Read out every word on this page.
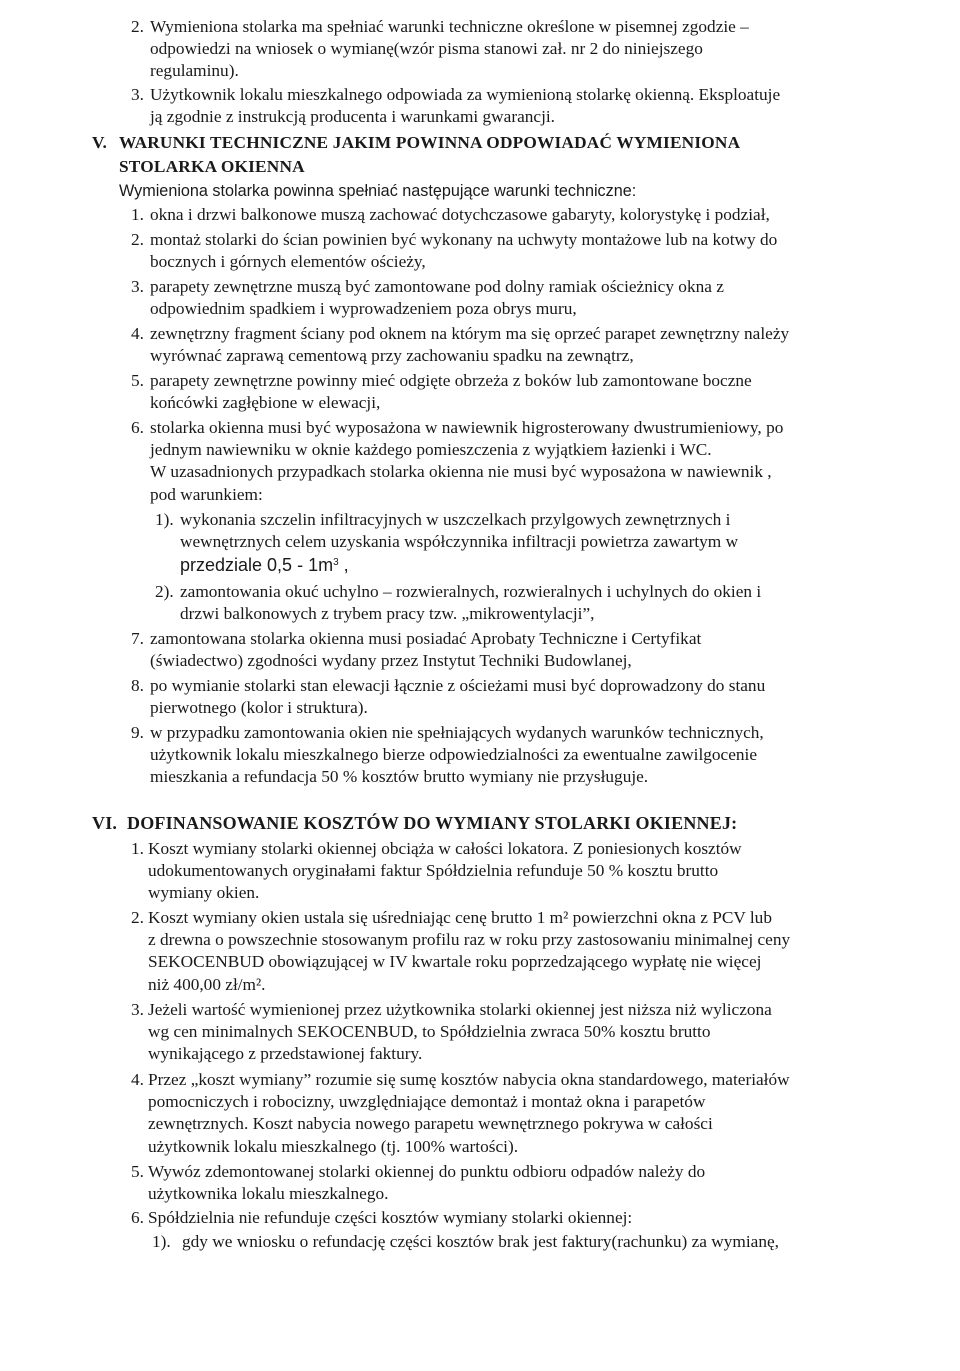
2. Wymieniona stolarka ma spełniać warunki techniczne określone w pisemnej zgodzie –
odpowiedzi na wniosek o wymianę(wzór pisma stanowi zał. nr 2 do niniejszego
regulaminu).
3. Użytkownik lokalu mieszkalnego odpowiada za wymienioną stolarkę okienną. Eksploatuje
ją zgodnie z instrukcją producenta i warunkami gwarancji.
V. WARUNKI TECHNICZNE JAKIM POWINNA ODPOWIADAĆ WYMIENIONA
STOLARKA OKIENNA
Wymieniona stolarka powinna spełniać następujące warunki techniczne:
1. okna i drzwi balkonowe muszą zachować dotychczasowe gabaryty, kolorystykę i podział,
2. montaż stolarki do ścian powinien być wykonany na uchwyty montażowe lub na kotwy do
bocznych i górnych elementów ościeży,
3. parapety zewnętrzne muszą być zamontowane pod dolny ramiak ościeżnicy okna z
odpowiednim spadkiem i wyprowadzeniem poza obrys muru,
4. zewnętrzny fragment ściany pod oknem na którym ma się oprzeć parapet zewnętrzny należy
wyrównać zaprawą cementową przy zachowaniu spadku na zewnątrz,
5. parapety zewnętrzne powinny mieć odgięte obrzeża z boków lub zamontowane boczne
końcówki zagłębione w elewacji,
6. stolarka okienna musi być wyposażona w nawiewnik higrosterowany dwustrumieniowy, po
jednym nawiewniku w oknie każdego pomieszczenia z wyjątkiem łazienki i WC.
W uzasadnionych przypadkach stolarka okienna nie musi być wyposażona w nawiewnik ,
pod warunkiem:
1). wykonania szczelin infiltracyjnych w uszczelkach przylgowych zewnętrznych i
wewnętrznych celem uzyskania współczynnika infiltracji powietrza zawartym w
przedziale $0,5 - 1m^3$ ,
2). zamontowania okuć uchylno – rozwieralnych, rozwieralnych i uchylnych do okien i
drzwi balkonowych z trybem pracy tzw. „mikrowentylacji”,
7. zamontowana stolarka okienna musi posiadać Aprobaty Techniczne i Certyfikat
(świadectwo) zgodności wydany przez Instytut Techniki Budowlanej,
8. po wymianie stolarki stan elewacji łącznie z ościeżami musi być doprowadzony do stanu
pierwotnego (kolor i struktura).
9. w przypadku zamontowania okien nie spełniających wydanych warunków technicznych,
użytkownik lokalu mieszkalnego bierze odpowiedzialności za ewentualne zawilgocenie
mieszkania a refundacja 50 % kosztów brutto wymiany nie przysługuje.
VI. DOFINANSOWANIE KOSZTÓW DO WYMIANY STOLARKI OKIENNEJ:
1. Koszt wymiany stolarki okiennej obciąża w całości lokatora. Z poniesionych kosztów
udokumentowanych oryginałami faktur Spółdzielnia refunduje 50 % kosztu brutto
wymiany okien.
2. Koszt wymiany okien ustala się uśredniając cenę brutto 1 m² powierzchni okna z PCV lub
z drewna o powszechnie stosowanym profilu raz w roku przy zastosowaniu minimalnej ceny
SEKOCENBUD obowiązującej w IV kwartale roku poprzedzającego wypłatę nie więcej
niż 400,00 zł/m².
3. Jeżeli wartość wymienionej przez użytkownika stolarki okiennej jest niższa niż wyliczona
wg cen minimalnych SEKOCENBUD, to Spółdzielnia zwraca 50% kosztu brutto
wynikającego z przedstawionej faktury.
4. Przez „koszt wymiany” rozumie się sumę kosztów nabycia okna standardowego, materiałów
pomocniczych i robocizny, uwzględniające demontaż i montaż okna i parapetów
zewnętrznych. Koszt nabycia nowego parapetu wewnętrznego pokrywa w całości
użytkownik lokalu mieszkalnego (tj. 100% wartości).
5. Wywóz zdemontowanej stolarki okiennej do punktu odbioru odpadów należy do
użytkownika lokalu mieszkalnego.
6. Spółdzielnia nie refunduje części kosztów wymiany stolarki okiennej:
1). gdy we wniosku o refundację części kosztów brak jest faktury(rachunku) za wymianę,
